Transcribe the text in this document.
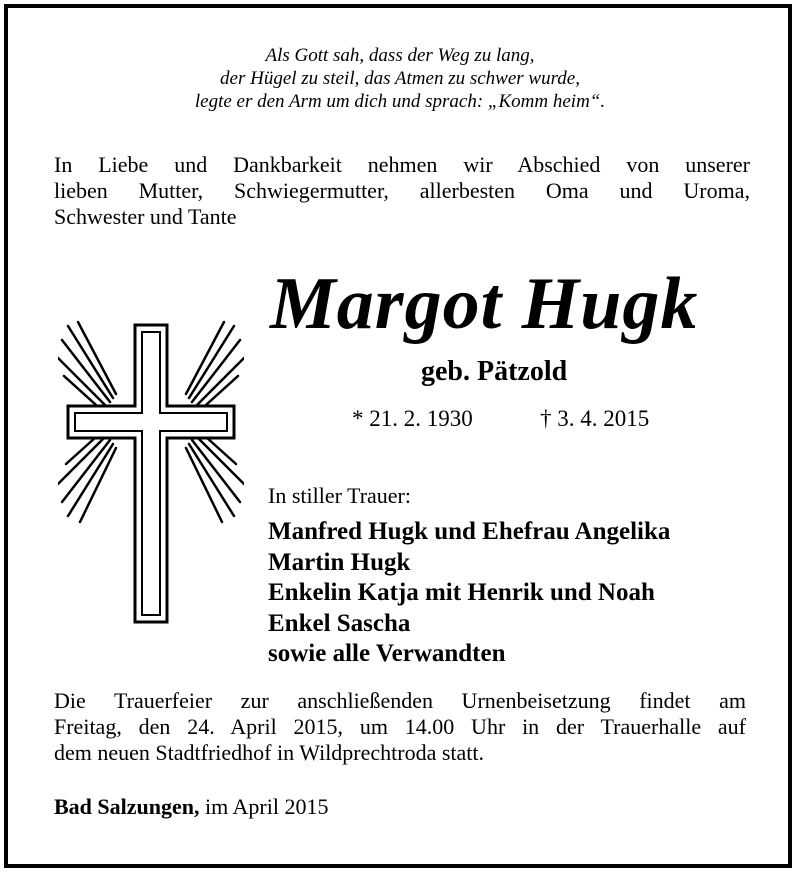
Als Gott sah, dass der Weg zu lang,
der Hügel zu steil, das Atmen zu schwer wurde,
legte er den Arm um dich und sprach: „Komm heim“.
In Liebe und Dankbarkeit nehmen wir Abschied von unserer
lieben Mutter, Schwiegermutter, allerbesten Oma und Uroma,
Schwester und Tante
Margot Hugk
geb. Pätzold
* 21. 2. 1930	† 3. 4. 2015
In stiller Trauer:
Manfred Hugk und Ehefrau Angelika
Martin Hugk
Enkelin Katja mit Henrik und Noah
Enkel Sascha
sowie alle Verwandten
Die Trauerfeier zur anschließenden Urnenbeisetzung findet am
Freitag, den 24. April 2015, um 14.00 Uhr in der Trauerhalle auf
dem neuen Stadtfriedhof in Wildprechtroda statt.
Bad Salzungen, im April 2015
